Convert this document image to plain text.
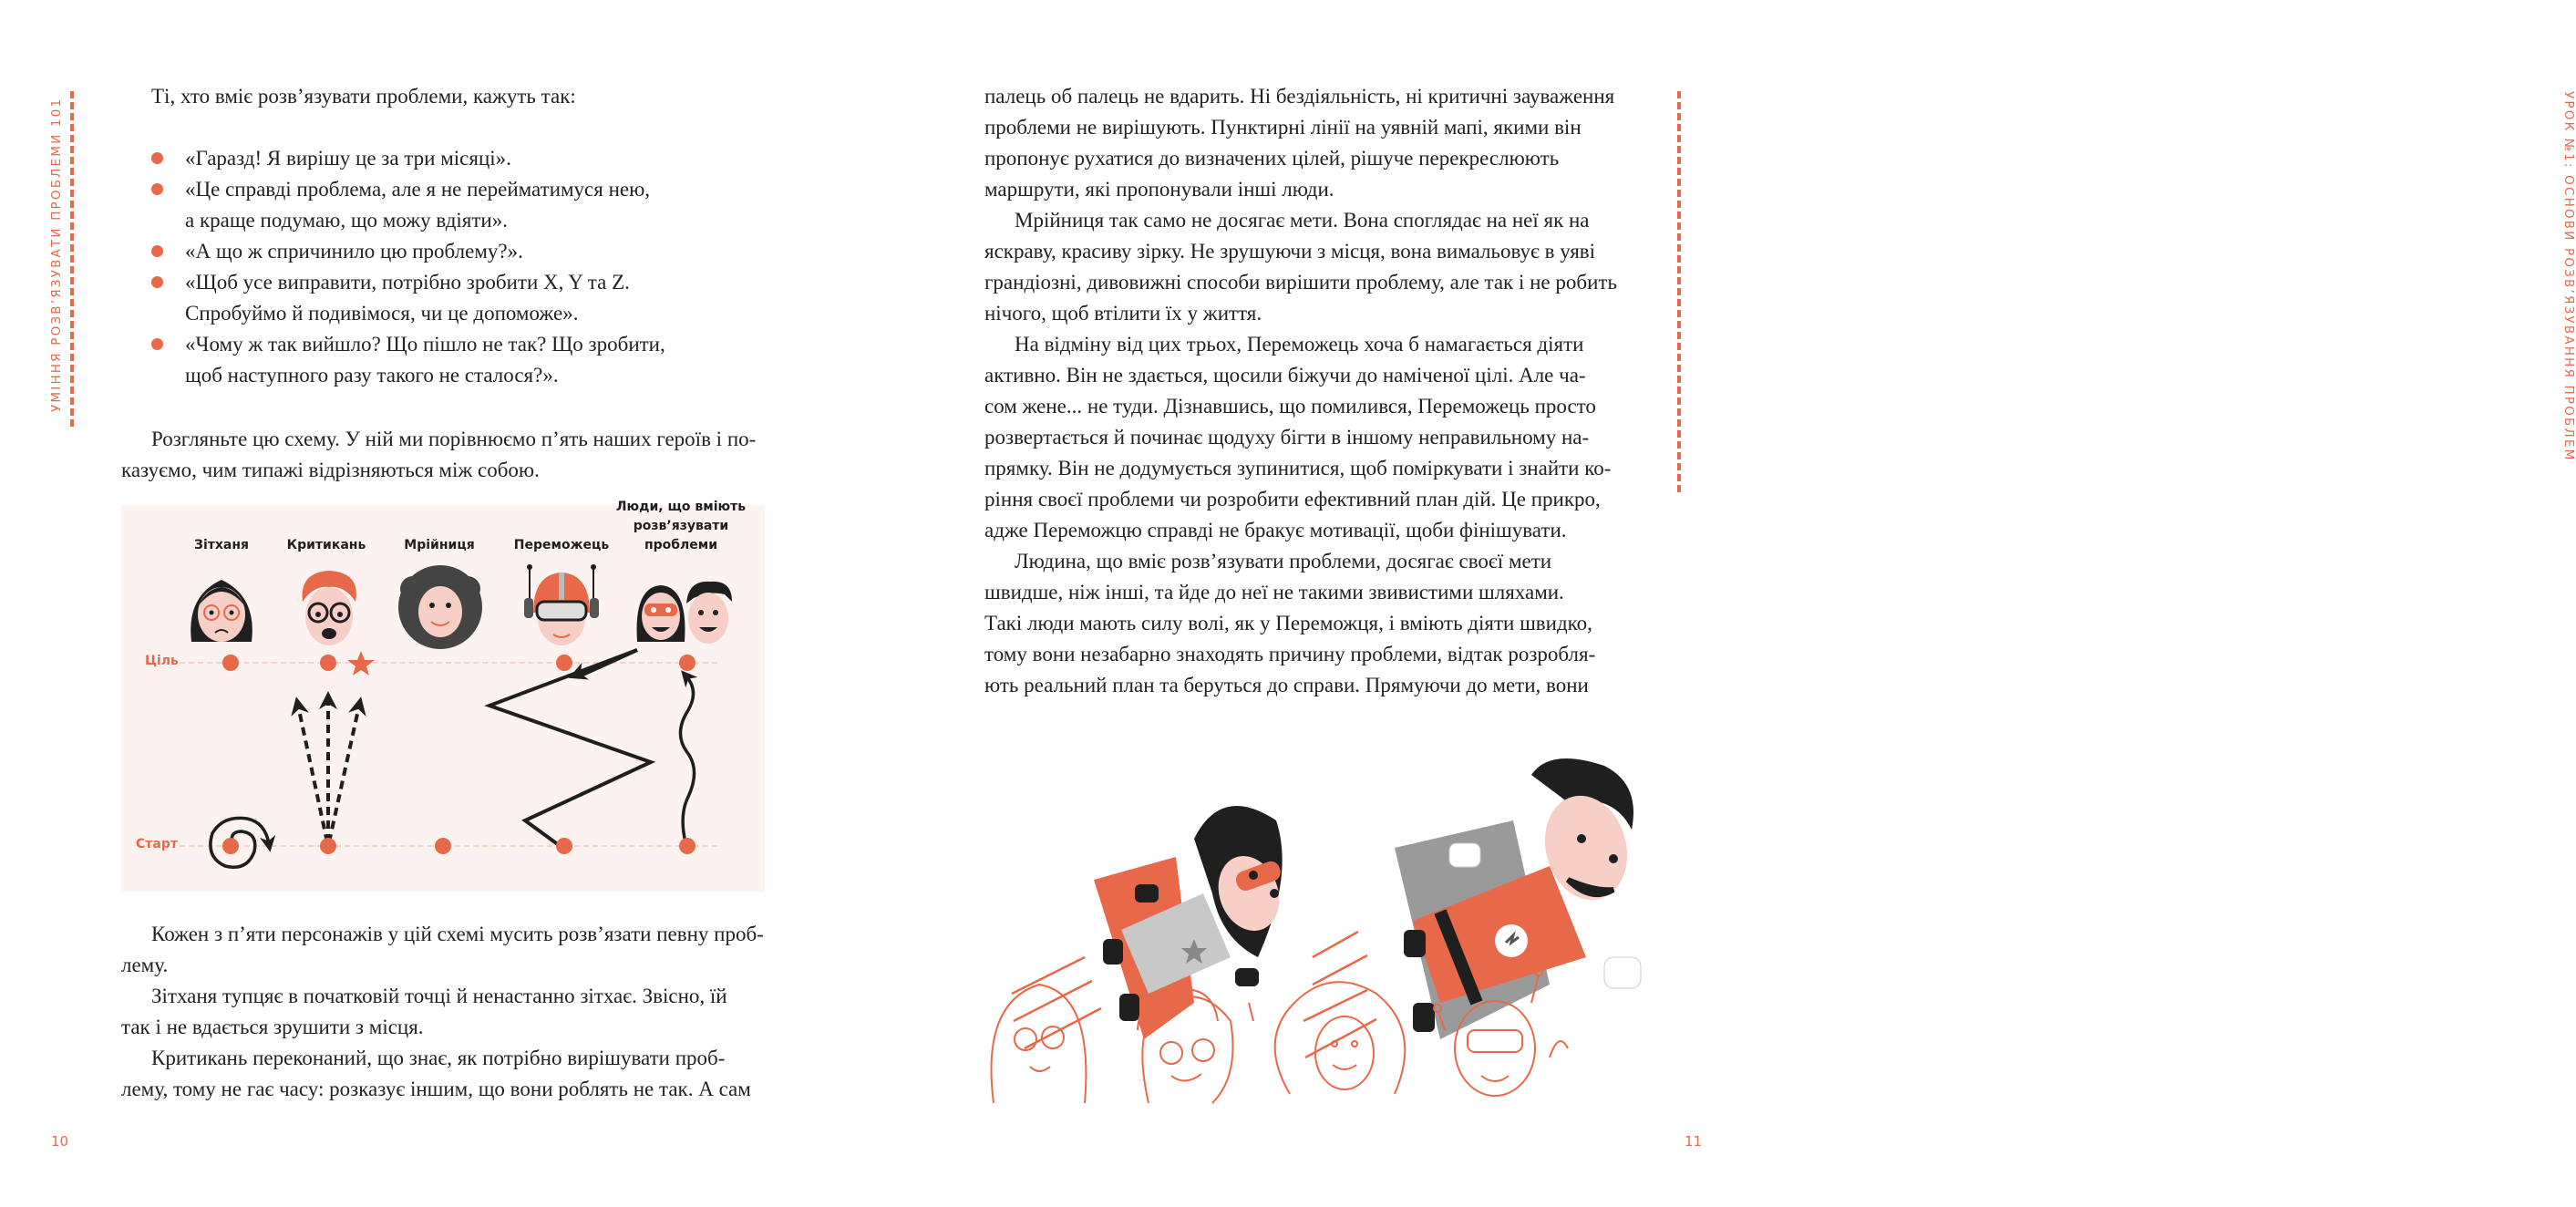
УМІННЯ РОЗВ’ЯЗУВАТИ ПРОБЛЕМИ 101
Ті, хто вміє розв’язувати проблеми, кажуть так:
«Гаразд! Я вирішу це за три місяці».
«Це справді проблема, але я не перейматимуся нею,
а краще подумаю, що можу вдіяти».
«А що ж спричинило цю проблему?».
«Щоб усе виправити, потрібно зробити X, Y та Z.
Спробуймо й подивімося, чи це допоможе».
«Чому ж так вийшло? Що пішло не так? Що зробити,
щоб наступного разу такого не сталося?».
Розгляньте цю схему. У ній ми порівнюємо п’ять наших героїв і по-
казуємо, чим типажі відрізняються між собою.
Зітханя	Критикань	Мрійниця	Переможець
Люди, що вміють
розв’язувати
проблеми
Ціль
Старт
Кожен з п’яти персонажів у цій схемі мусить розв’язати певну проб-
лему.
Зітханя тупцяє в початковій точці й ненастанно зітхає. Звісно, їй
так і не вдається зрушити з місця.
Критикань переконаний, що знає, як потрібно вирішувати проб-
лему, тому не гає часу: розказує іншим, що вони роблять не так. А сам
10
палець об палець не вдарить. Ні бездіяльність, ні критичні зауваження
проблеми не вирішують. Пунктирні лінії на уявній мапі, якими він
пропонує рухатися до визначених цілей, рішуче перекреслюють
маршрути, які пропонували інші люди.
Мрійниця так само не досягає мети. Вона споглядає на неї як на
яскраву, красиву зірку. Не зрушуючи з місця, вона вимальовує в уяві
грандіозні, дивовижні способи вирішити проблему, але так і не робить
нічого, щоб втілити їх у життя.
На відміну від цих трьох, Переможець хоча б намагається діяти
активно. Він не здається, щосили біжучи до наміченої цілі. Але ча-
сом жене... не туди. Дізнавшись, що помилився, Переможець просто
розвертається й починає щодуху бігти в іншому неправильному на-
прямку. Він не додумується зупинитися, щоб поміркувати і знайти ко-
ріння своєї проблеми чи розробити ефективний план дій. Це прикро,
адже Переможцю справді не бракує мотивації, щоби фінішувати.
Людина, що вміє розв’язувати проблеми, досягає своєї мети
швидше, ніж інші, та йде до неї не такими звивистими шляхами.
Такі люди мають силу волі, як у Переможця, і вміють діяти швидко,
тому вони незабарно знаходять причину проблеми, відтак розробля-
ють реальний план та беруться до справи. Прямуючи до мети, вони
УРОК №1: ОСНОВИ РОЗВ’ЯЗУВАННЯ ПРОБЛЕМ
11
